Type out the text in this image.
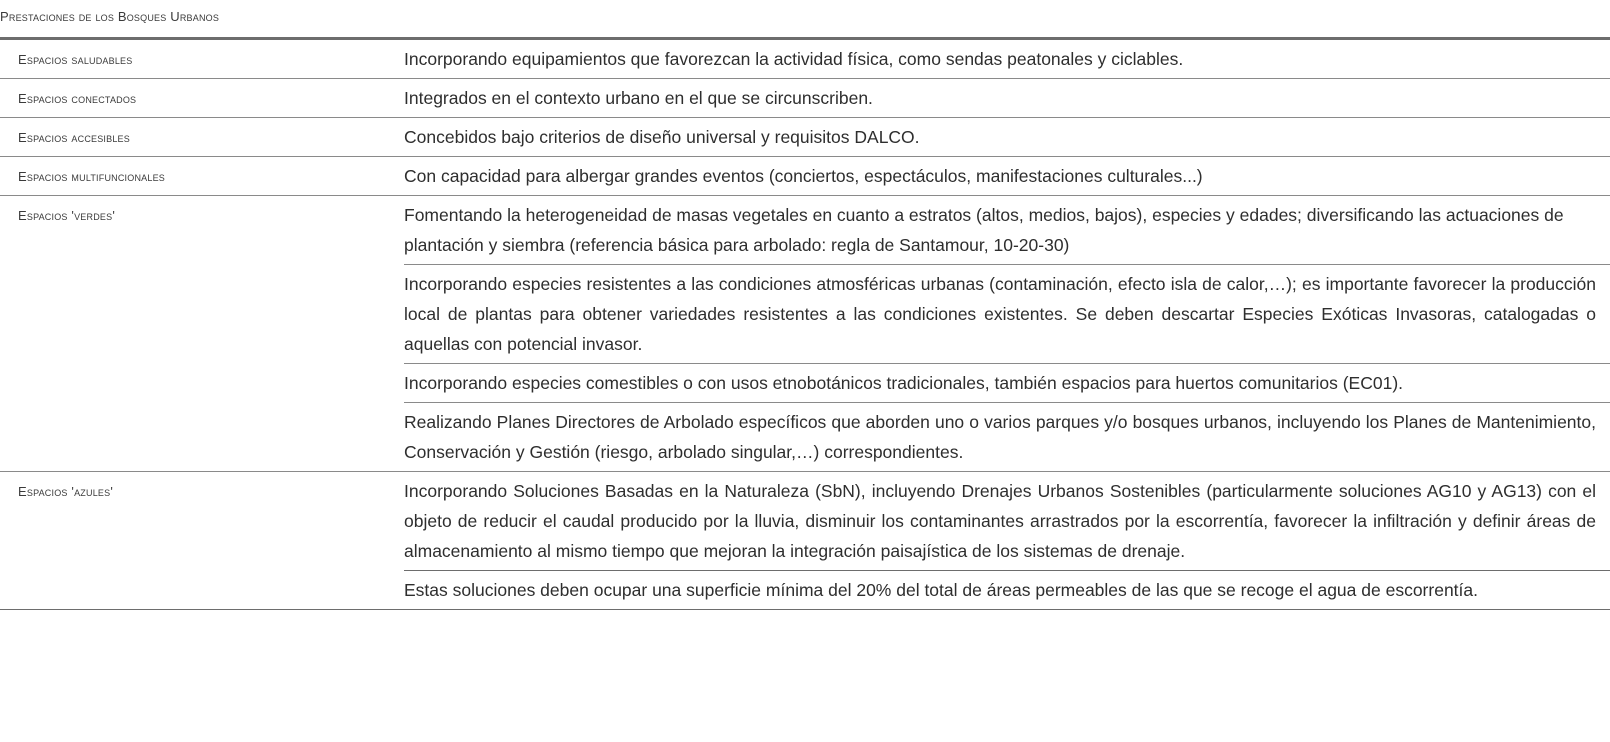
Prestaciones de los Bosques Urbanos
Espacios saludables	Incorporando equipamientos que favorezcan la actividad física, como sendas peatonales y ciclables.
Espacios conectados	Integrados en el contexto urbano en el que se circunscriben.
Espacios accesibles	Concebidos bajo criterios de diseño universal y requisitos DALCO.
Espacios multifuncionales	Con capacidad para albergar grandes eventos (conciertos, espectáculos, manifestaciones culturales...)
Espacios 'verdes'	Fomentando la heterogeneidad de masas vegetales en cuanto a estratos (altos, medios, bajos), especies y edades; diversificando las actuaciones de plantación y siembra (referencia básica para arbolado: regla de Santamour, 10-20-30)
	Incorporando especies resistentes a las condiciones atmosféricas urbanas (contaminación, efecto isla de calor,…); es importante favorecer la producción local de plantas para obtener variedades resistentes a las condiciones existentes. Se deben descartar Especies Exóticas Invasoras, catalogadas o aquellas con potencial invasor.
	Incorporando especies comestibles o con usos etnobotánicos tradicionales, también espacios para huertos comunitarios (EC01).
	Realizando Planes Directores de Arbolado específicos que aborden uno o varios parques y/o bosques urbanos, incluyendo los Planes de Mantenimiento, Conservación y Gestión (riesgo, arbolado singular,…) correspondientes.
Espacios 'azules'	Incorporando Soluciones Basadas en la Naturaleza (SbN), incluyendo Drenajes Urbanos Sostenibles (particularmente soluciones AG10 y AG13) con el objeto de reducir el caudal producido por la lluvia, disminuir los contaminantes arrastrados por la escorrentía, favorecer la infiltración y definir áreas de almacenamiento al mismo tiempo que mejoran la integración paisajística de los sistemas de drenaje.
	Estas soluciones deben ocupar una superficie mínima del 20% del total de áreas permeables de las que se recoge el agua de escorrentía.
